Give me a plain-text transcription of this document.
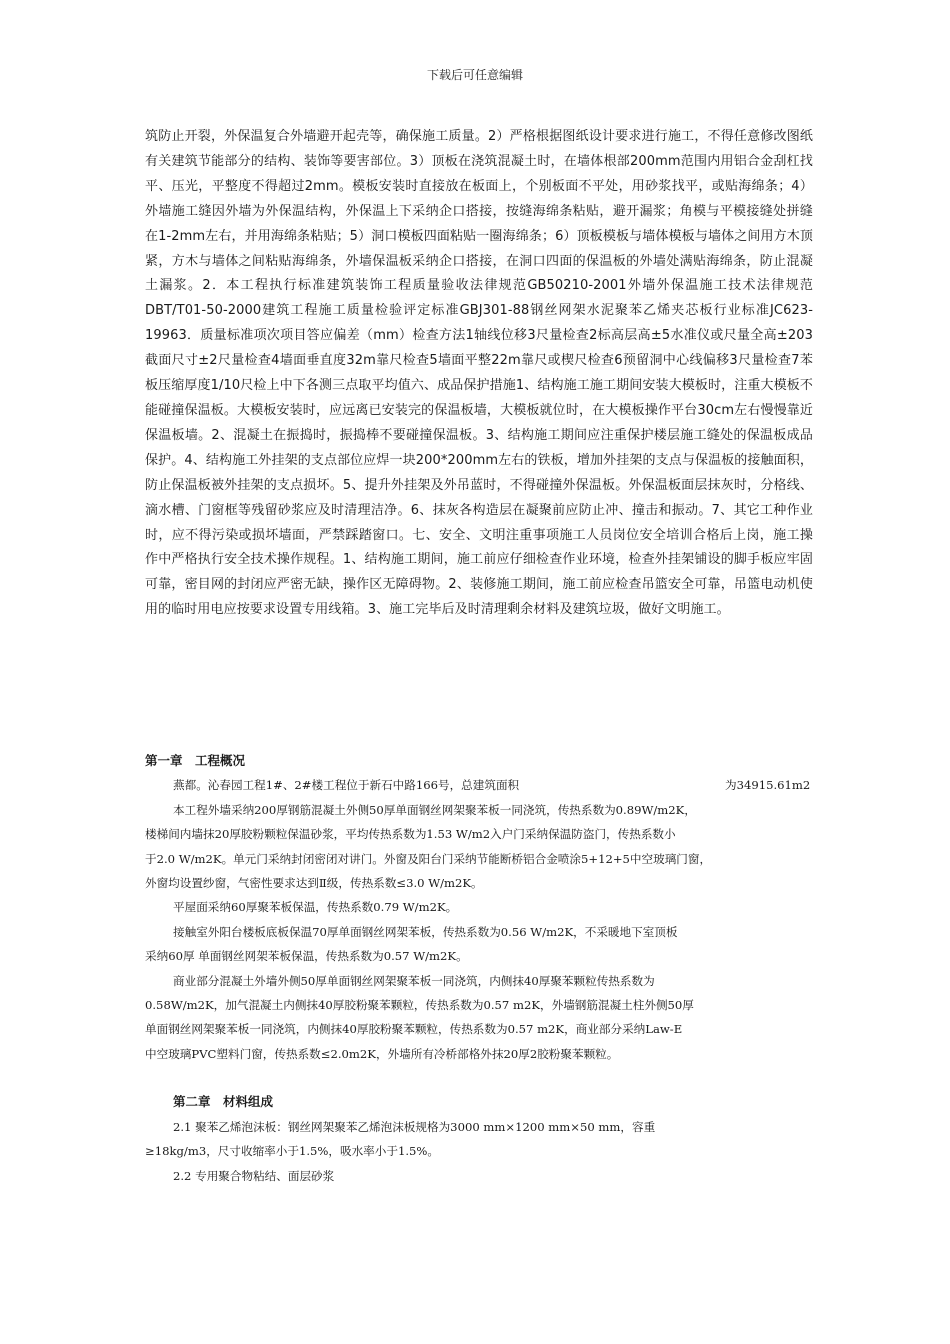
下载后可任意编辑
筑防止开裂，外保温复合外墙避开起壳等，确保施工质量。2）严格根据图纸设计要求进行施工，不得任意修改图纸有关建筑节能部分的结构、装饰等要害部位。3）顶板在浇筑混凝土时，在墙体根部200mm范围内用铝合金刮杠找平、压光，平整度不得超过2mm。模板安装时直接放在板面上，个别板面不平处，用砂浆找平，或贴海绵条；4）外墙施工缝因外墙为外保温结构，外保温上下采纳企口搭接，按缝海绵条粘贴，避开漏浆；角模与平模接缝处拼缝在1-2mm左右，并用海绵条粘贴；5）洞口模板四面粘贴一圈海绵条；6）顶板模板与墙体模板与墙体之间用方木顶紧，方木与墙体之间粘贴海绵条，外墙保温板采纳企口搭接，在洞口四面的保温板的外墙处满贴海绵条，防止混凝土漏浆。2．本工程执行标准建筑装饰工程质量验收法律规范GB50210-2001外墙外保温施工技术法律规范DBT/T01-50-2000建筑工程施工质量检验评定标准GBJ301-88钢丝网架水泥聚苯乙烯夹芯板行业标准JC623-19963．质量标准项次项目答应偏差（mm）检查方法1轴线位移3尺量检查2标高层高±5水准仪或尺量全高±203截面尺寸±2尺量检查4墙面垂直度32m靠尺检查5墙面平整22m靠尺或楔尺检查6预留洞中心线偏移3尺量检查7苯板压缩厚度1/10尺检上中下各测三点取平均值六、成品保护措施1、结构施工施工期间安装大模板时，注重大模板不能碰撞保温板。大模板安装时，应远离已安装完的保温板墙，大模板就位时，在大模板操作平台30cm左右慢慢靠近保温板墙。2、混凝土在振捣时，振捣棒不要碰撞保温板。3、结构施工期间应注重保护楼层施工缝处的保温板成品保护。4、结构施工外挂架的支点部位应焊一块200*200mm左右的铁板，增加外挂架的支点与保温板的接触面积，防止保温板被外挂架的支点损坏。5、提升外挂架及外吊蓝时，不得碰撞外保温板。外保温板面层抹灰时，分格线、滴水槽、门窗框等残留砂浆应及时清理洁净。6、抹灰各构造层在凝聚前应防止冲、撞击和振动。7、其它工种作业时，应不得污染或损坏墙面，严禁踩踏窗口。七、安全、文明注重事项施工人员岗位安全培训合格后上岗，施工操作中严格执行安全技术操作规程。1、结构施工期间，施工前应仔细检查作业环境，检查外挂架铺设的脚手板应牢固可靠，密目网的封闭应严密无缺，操作区无障碍物。2、装修施工期间，施工前应检查吊篮安全可靠，吊篮电动机使用的临时用电应按要求设置专用线箱。3、施工完毕后及时清理剩余材料及建筑垃圾，做好文明施工。
第一章 工程概况
燕都。沁春园工程1#、2#楼工程位于新石中路166号，总建筑面积	为34915.61m2
本工程外墙采纳200厚钢筋混凝土外侧50厚单面钢丝网架聚苯板一同浇筑，传热系数为0.89W/m2K，
楼梯间内墙抹20厚胶粉颗粒保温砂浆，平均传热系数为1.53 W/m2入户门采纳保温防盗门，传热系数小
于2.0 W/m2K。单元门采纳封闭密闭对讲门。外窗及阳台门采纳节能断桥铝合金喷涂5+12+5中空玻璃门窗，
外窗均设置纱窗，气密性要求达到Ⅱ级，传热系数≤3.0 W/m2K。
平屋面采纳60厚聚苯板保温，传热系数0.79 W/m2K。
接触室外阳台楼板底板保温70厚单面钢丝网架苯板，传热系数为0.56 W/m2K，不采暖地下室顶板
采纳60厚 单面钢丝网架苯板保温，传热系数为0.57 W/m2K。
商业部分混凝土外墙外侧50厚单面钢丝网架聚苯板一同浇筑，内侧抹40厚聚苯颗粒传热系数为
0.58W/m2K，加气混凝土内侧抹40厚胶粉聚苯颗粒，传热系数为0.57 m2K，外墙钢筋混凝土柱外侧50厚
单面钢丝网架聚苯板一同浇筑，内侧抹40厚胶粉聚苯颗粒，传热系数为0.57 m2K，商业部分采纳Law-E
中空玻璃PVC塑料门窗，传热系数≤2.0m2K，外墙所有冷桥部格外抹20厚2胶粉聚苯颗粒。
第二章 材料组成
2.1 聚苯乙烯泡沫板：钢丝网架聚苯乙烯泡沫板规格为3000 mm×1200 mm×50 mm，容重
≥18kg/m3，尺寸收缩率小于1.5%，吸水率小于1.5%。
2.2 专用聚合物粘结、面层砂浆
